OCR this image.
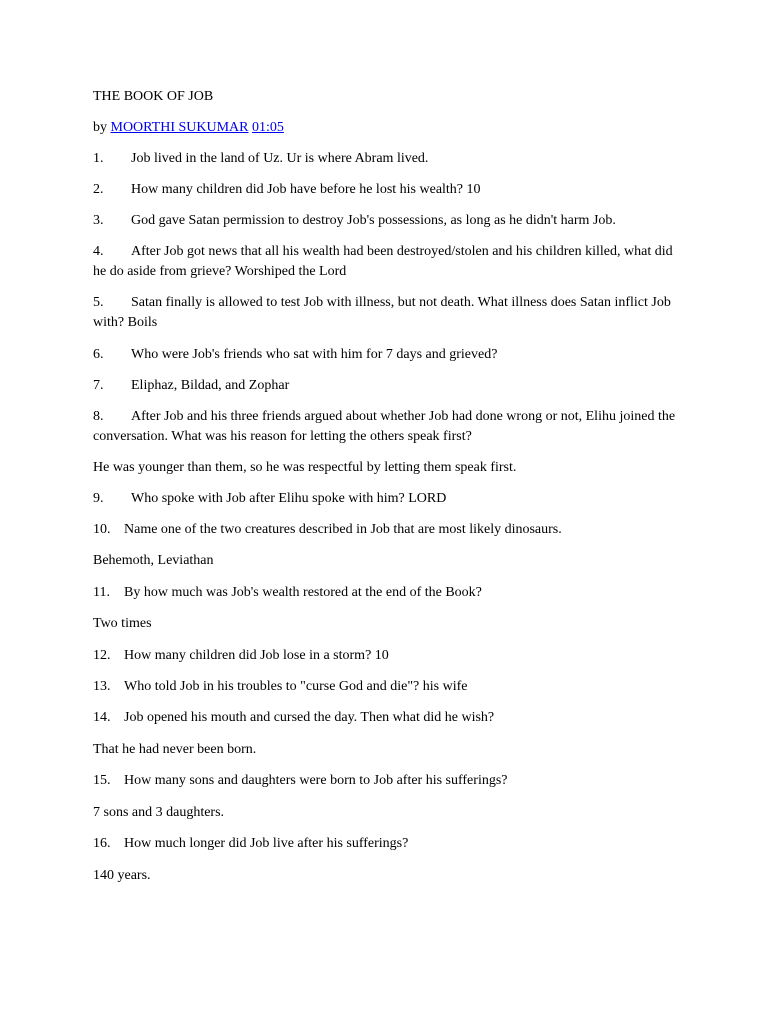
THE BOOK OF JOB

by MOORTHI SUKUMAR 01:05

1. Job lived in the land of Uz. Ur is where Abram lived.

2. How many children did Job have before he lost his wealth? 10

3. God gave Satan permission to destroy Job's possessions, as long as he didn't harm Job.

4. After Job got news that all his wealth had been destroyed/stolen and his children killed, what did he do aside from grieve? Worshiped the Lord

5. Satan finally is allowed to test Job with illness, but not death. What illness does Satan inflict Job with? Boils

6. Who were Job's friends who sat with him for 7 days and grieved?

7. Eliphaz, Bildad, and Zophar

8. After Job and his three friends argued about whether Job had done wrong or not, Elihu joined the conversation. What was his reason for letting the others speak first?

He was younger than them, so he was respectful by letting them speak first.

9. Who spoke with Job after Elihu spoke with him? LORD

10. Name one of the two creatures described in Job that are most likely dinosaurs.

Behemoth, Leviathan

11. By how much was Job's wealth restored at the end of the Book?

Two times

12. How many children did Job lose in a storm? 10

13. Who told Job in his troubles to "curse God and die"? his wife

14. Job opened his mouth and cursed the day. Then what did he wish?

That he had never been born.

15. How many sons and daughters were born to Job after his sufferings?

7 sons and 3 daughters.

16. How much longer did Job live after his sufferings?

140 years.
